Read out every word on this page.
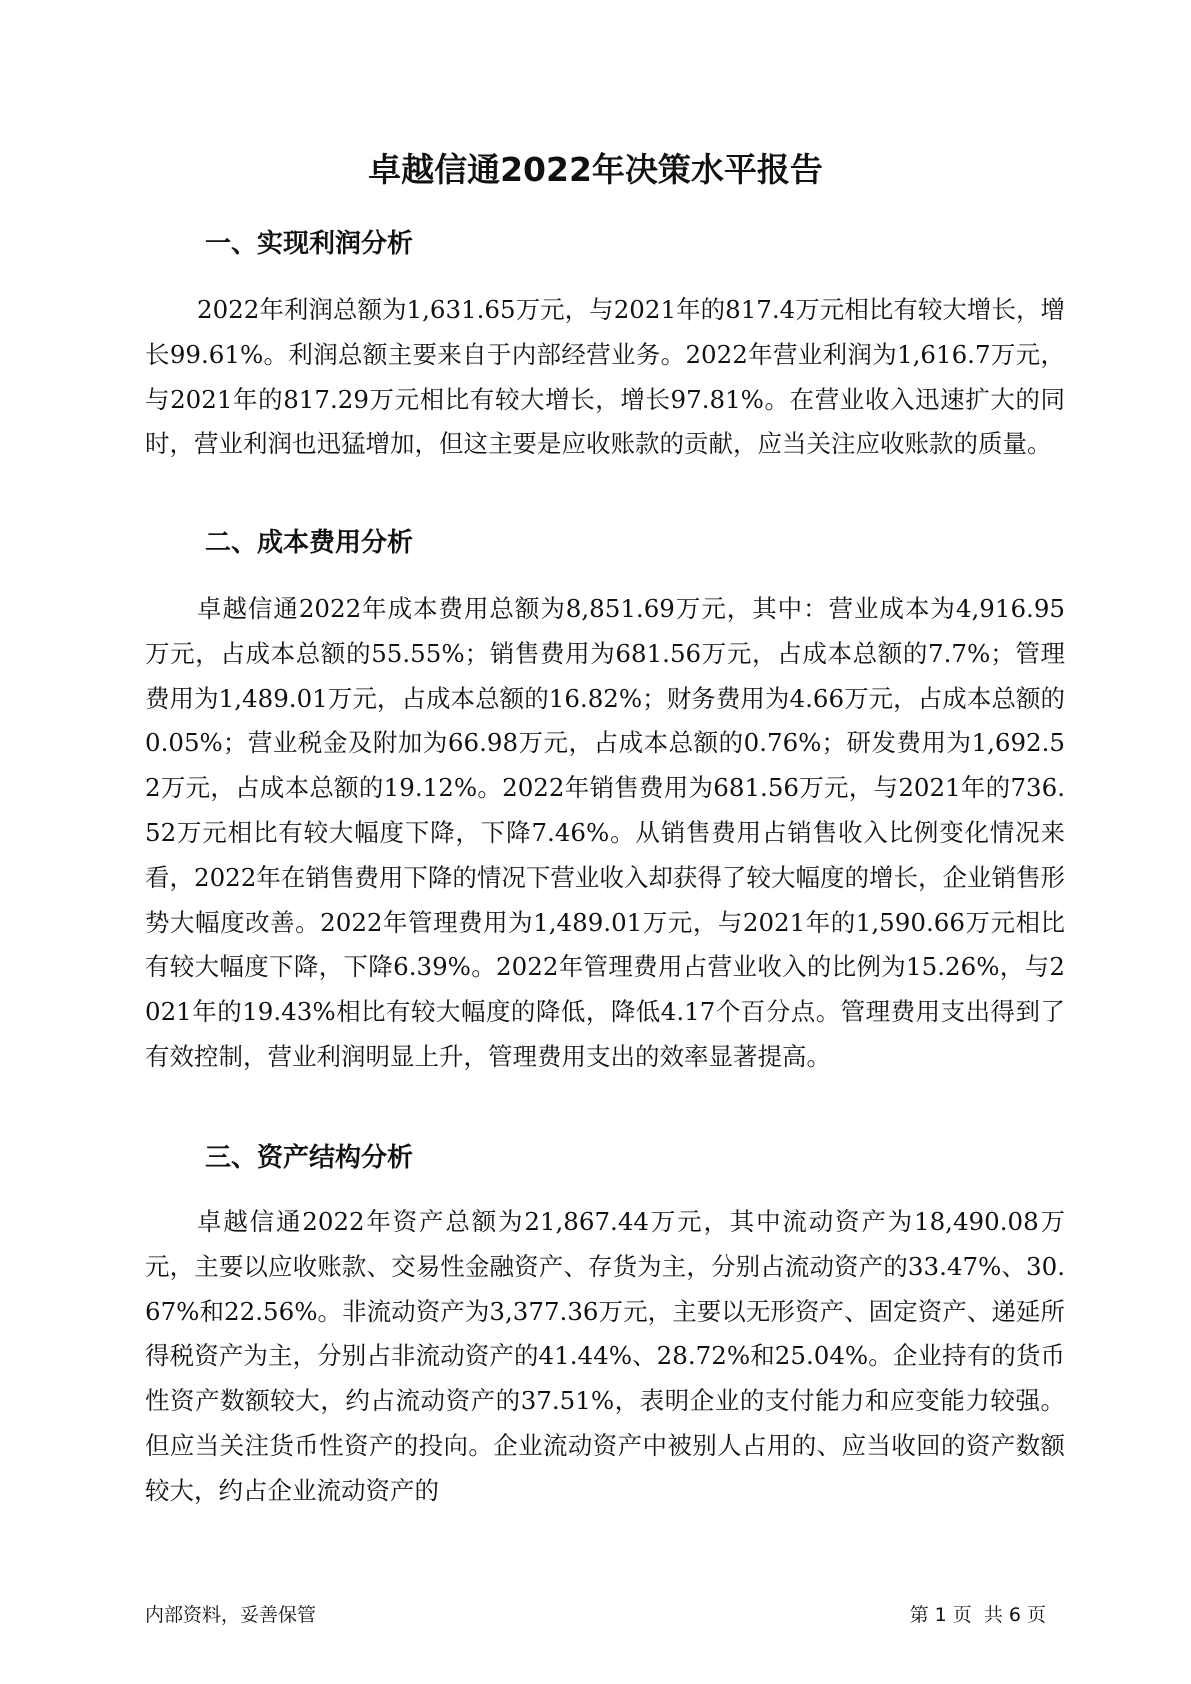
卓越信通2022年决策水平报告
一、实现利润分析

2022年利润总额为1,631.65万元，与2021年的817.4万元相比有较大增长，增长99.61%。利润总额主要来自于内部经营业务。2022年营业利润为1,616.7万元，与2021年的817.29万元相比有较大增长，增长97.81%。在营业收入迅速扩大的同时，营业利润也迅猛增加，但这主要是应收账款的贡献，应当关注应收账款的质量。

二、成本费用分析

卓越信通2022年成本费用总额为8,851.69万元，其中：营业成本为4,916.95万元，占成本总额的55.55%；销售费用为681.56万元，占成本总额的7.7%；管理费用为1,489.01万元，占成本总额的16.82%；财务费用为4.66万元，占成本总额的0.05%；营业税金及附加为66.98万元，占成本总额的0.76%；研发费用为1,692.52万元，占成本总额的19.12%。2022年销售费用为681.56万元，与2021年的736.52万元相比有较大幅度下降，下降7.46%。从销售费用占销售收入比例变化情况来看，2022年在销售费用下降的情况下营业收入却获得了较大幅度的增长，企业销售形势大幅度改善。2022年管理费用为1,489.01万元，与2021年的1,590.66万元相比有较大幅度下降，下降6.39%。2022年管理费用占营业收入的比例为15.26%，与2021年的19.43%相比有较大幅度的降低，降低4.17个百分点。管理费用支出得到了有效控制，营业利润明显上升，管理费用支出的效率显著提高。

三、资产结构分析

卓越信通2022年资产总额为21,867.44万元，其中流动资产为18,490.08万元，主要以应收账款、交易性金融资产、存货为主，分别占流动资产的33.47%、30.67%和22.56%。非流动资产为3,377.36万元，主要以无形资产、固定资产、递延所得税资产为主，分别占非流动资产的41.44%、28.72%和25.04%。企业持有的货币性资产数额较大，约占流动资产的37.51%，表明企业的支付能力和应变能力较强。但应当关注货币性资产的投向。企业流动资产中被别人占用的、应当收回的资产数额较大，约占企业流动资产的

内部资料，妥善保管	第 1 页  共 6 页
